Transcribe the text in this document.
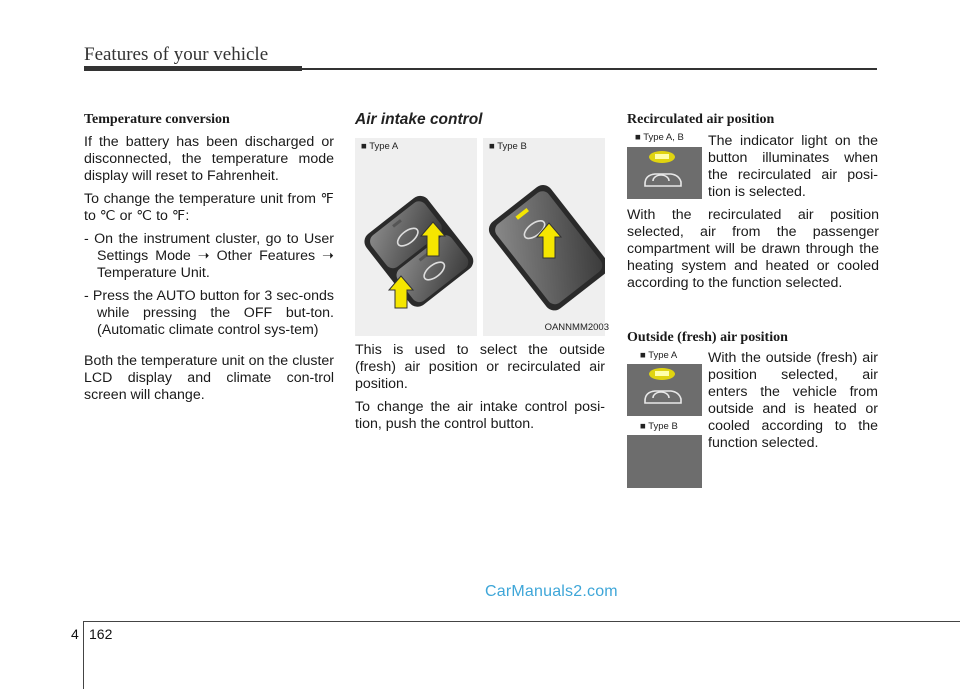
Features of your vehicle

Temperature conversion

If the battery has been discharged or disconnected, the temperature mode display will reset to Fahrenheit.

To change the temperature unit from ℉ to ℃ or ℃ to ℉:

- On the instrument cluster, go to User Settings Mode ➝ Other Features ➝ Temperature Unit.

- Press the AUTO button for 3 sec-onds while pressing the OFF but-ton. (Automatic climate control sys-tem)

Both the temperature unit on the cluster LCD display and climate con-trol screen will change.

Air intake control

■ Type A	■ Type B
OANNMM2003

This is used to select the outside (fresh) air position or recirculated air position.

To change the air intake control posi-tion, push the control button.

Recirculated air position

■ Type A, B The indicator light on the button illuminates when the recirculated air posi-tion is selected.

With the recirculated air position selected, air from the passenger compartment will be drawn through the heating system and heated or cooled according to the function selected.

Outside (fresh) air position

■ Type A
■ Type B

With the outside (fresh) air position selected, air enters the vehicle from outside and is heated or cooled according to the function selected.

CarManuals2.com
4 162
